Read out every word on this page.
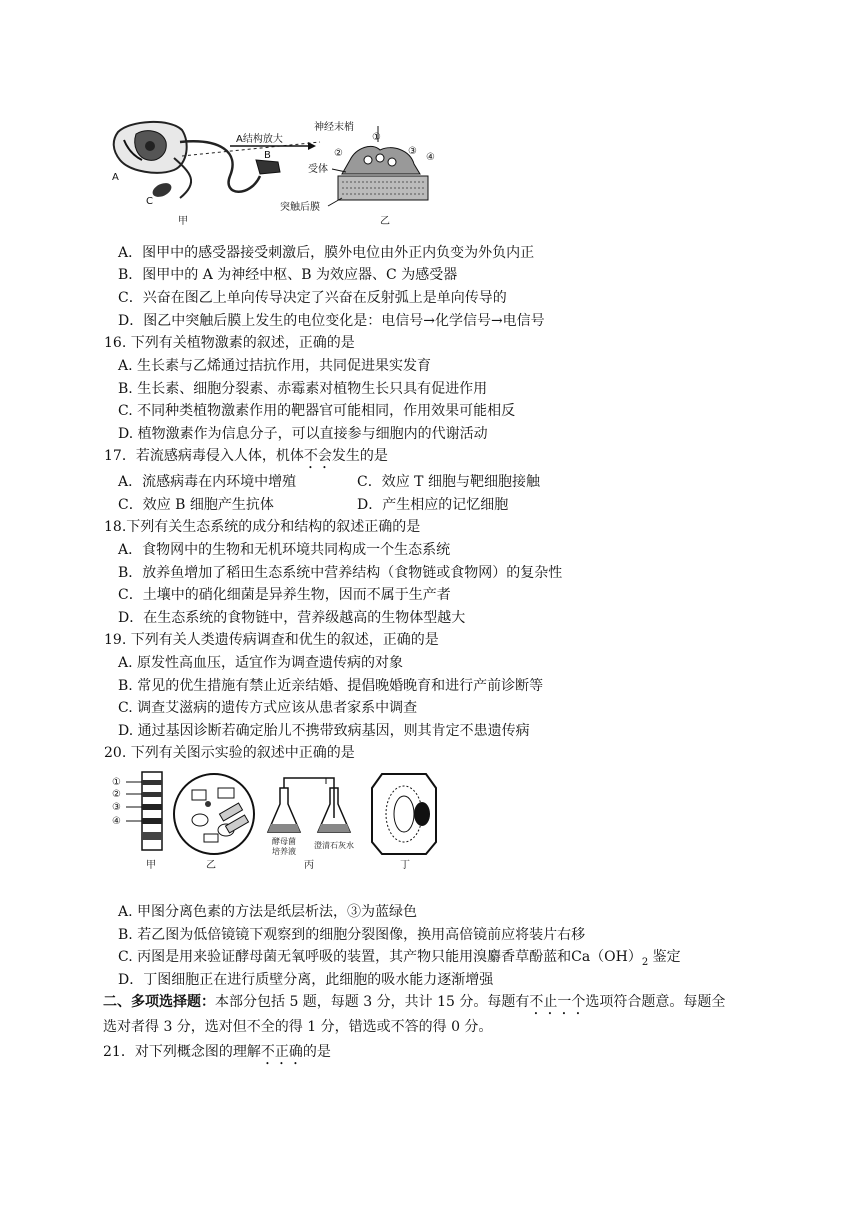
A结构放大
A
B
C
神经末梢
①
②	③
④
受体
突触后膜
甲	乙
A．图甲中的感受器接受刺激后，膜外电位由外正内负变为外负内正
B．图甲中的 A 为神经中枢、B 为效应器、C 为感受器
C．兴奋在图乙上单向传导决定了兴奋在反射弧上是单向传导的
D．图乙中突触后膜上发生的电位变化是：电信号→化学信号→电信号
16. 下列有关植物激素的叙述，正确的是
A. 生长素与乙烯通过拮抗作用，共同促进果实发育
B. 生长素、细胞分裂素、赤霉素对植物生长只具有促进作用
C. 不同种类植物激素作用的靶器官可能相同，作用效果可能相反
D. 植物激素作为信息分子，可以直接参与细胞内的代谢活动
17．若流感病毒侵入人体，机体不会发生的是
A．流感病毒在内环境中增殖	C．效应 T 细胞与靶细胞接触
C．效应 B 细胞产生抗体	D．产生相应的记忆细胞
18.下列有关生态系统的成分和结构的叙述正确的是
A．食物网中的生物和无机环境共同构成一个生态系统
B．放养鱼增加了稻田生态系统中营养结构（食物链或食物网）的复杂性
C．土壤中的硝化细菌是异养生物，因而不属于生产者
D．在生态系统的食物链中，营养级越高的生物体型越大
19. 下列有关人类遗传病调查和优生的叙述，正确的是
A. 原发性高血压，适宜作为调查遗传病的对象
B. 常见的优生措施有禁止近亲结婚、提倡晚婚晚育和进行产前诊断等
C. 调查艾滋病的遗传方式应该从患者家系中调查
D. 通过基因诊断若确定胎儿不携带致病基因，则其肯定不患遗传病
20. 下列有关图示实验的叙述中正确的是
①
②
③
④
甲	乙
酵母菌
培养液
澄清石灰水
丙	丁
A. 甲图分离色素的方法是纸层析法，③为蓝绿色
B. 若乙图为低倍镜镜下观察到的细胞分裂图像，换用高倍镜前应将装片右移
C. 丙图是用来验证酵母菌无氧呼吸的装置，其产物只能用溴麝香草酚蓝和$Ca(OH)_2$ 鉴定
D．丁图细胞正在进行质壁分离，此细胞的吸水能力逐渐增强
二、多项选择题：本部分包括 5 题，每题 3 分，共计 15 分。每题有不止一个选项符合题意。每题全
选对者得 3 分，选对但不全的得 1 分，错选或不答的得 0 分。
21．对下列概念图的理解不正确的是
